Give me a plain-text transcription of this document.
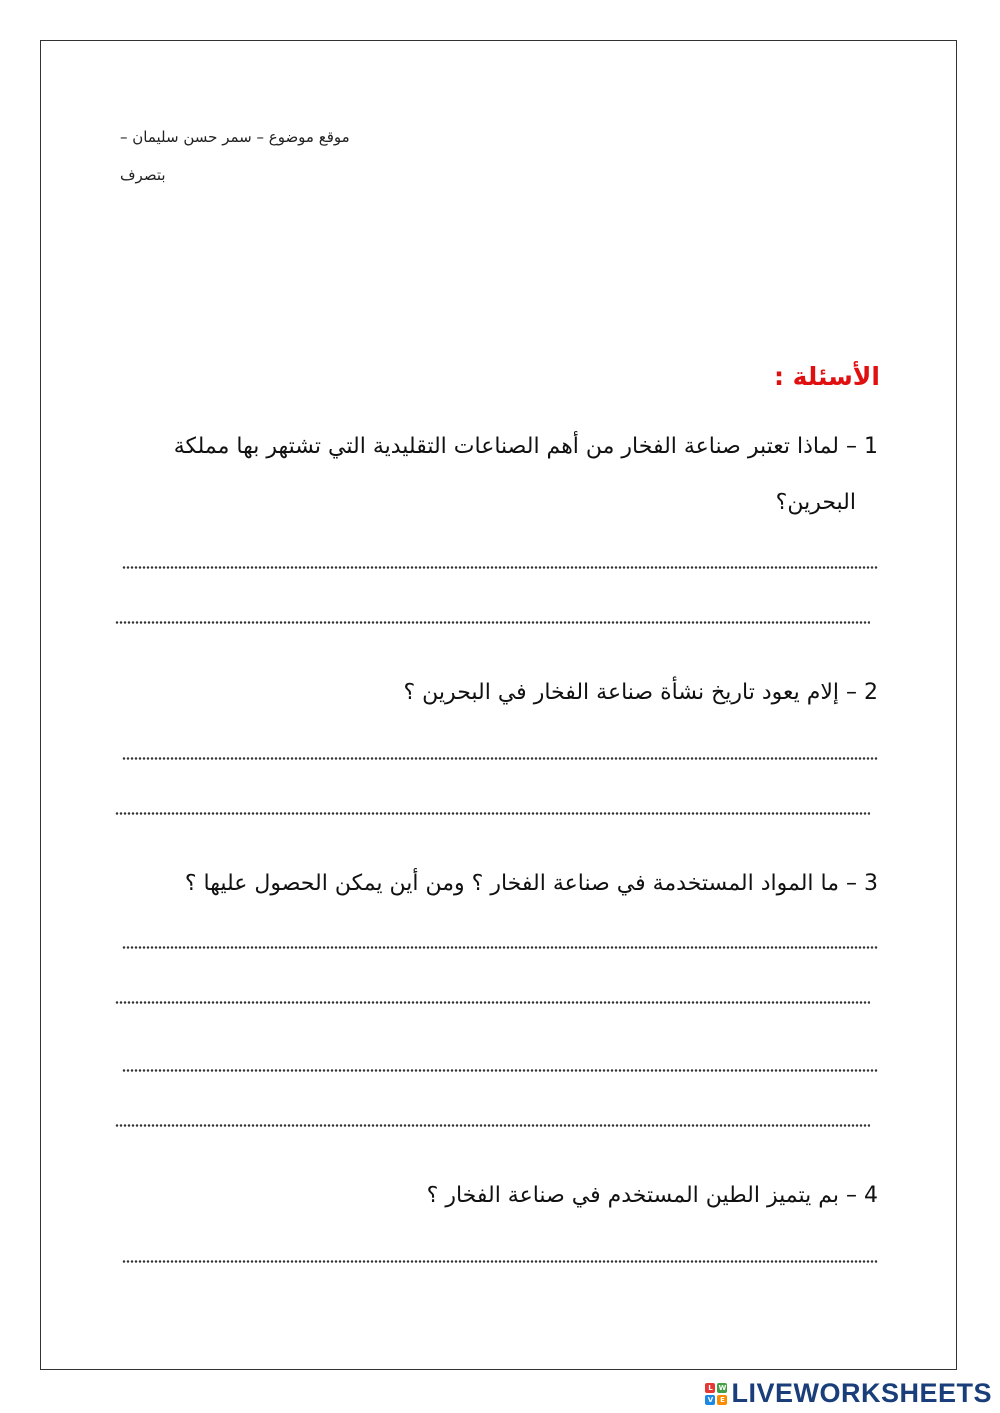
موقع موضوع – سمر حسن سليمان –
بتصرف
الأسئلة :
1 – لماذا تعتبر صناعة الفخار من أهم الصناعات التقليدية التي تشتهر بها مملكة
البحرين؟
2 – إلام يعود تاريخ نشأة صناعة الفخار في البحرين ؟
3 – ما المواد المستخدمة في صناعة الفخار ؟ ومن أين يمكن الحصول عليها ؟
4 – بم يتميز الطين المستخدم في صناعة الفخار ؟
L W
V E LIVEWORKSHEETS
